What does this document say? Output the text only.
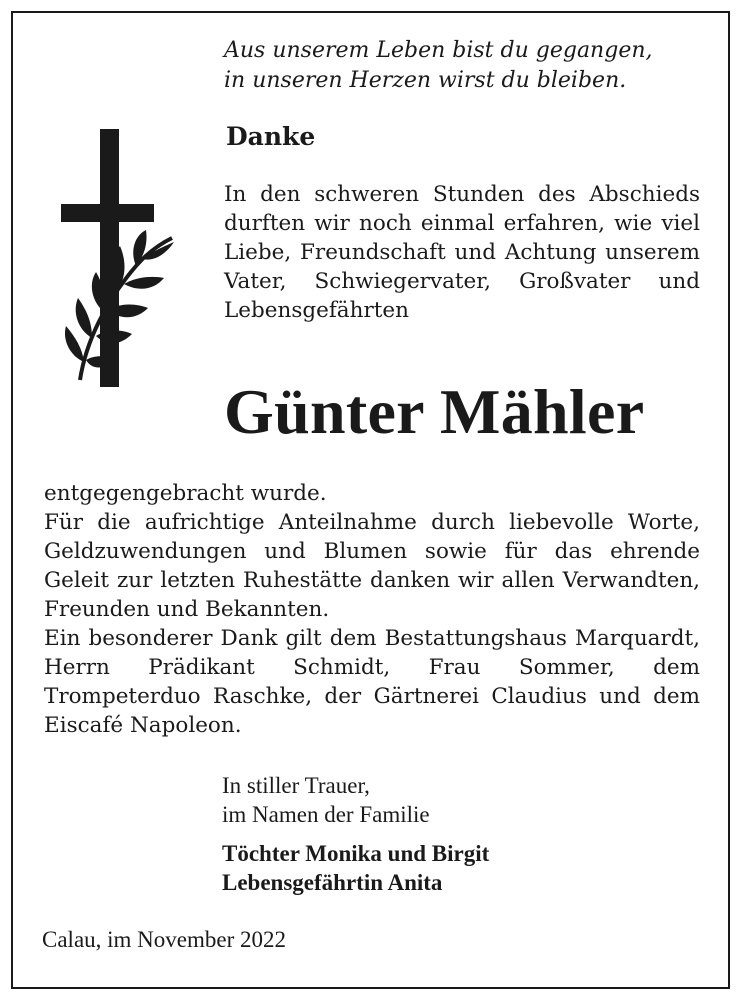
Aus unserem Leben bist du gegangen,
in unseren Herzen wirst du bleiben.
Danke
In den schweren Stunden des Abschieds durften wir noch einmal erfahren, wie viel Liebe, Freundschaft und Achtung unserem Vater, Schwiegervater, Großvater und Lebensgefährten
Günter Mähler

entgegengebracht wurde.

Für die aufrichtige Anteilnahme durch liebevolle Worte, Geldzuwendungen und Blumen sowie für das ehrende Geleit zur letzten Ruhestätte danken wir allen Verwandten, Freunden und Bekannten.

Ein besonderer Dank gilt dem Bestattungshaus Marquardt, Herrn Prädikant Schmidt, Frau Sommer, dem Trompeterduo Raschke, der Gärtnerei Claudius und dem Eiscafé Napoleon.

In stiller Trauer,
im Namen der Familie
Töchter Monika und Birgit
Lebensgefährtin Anita
Calau, im November 2022
